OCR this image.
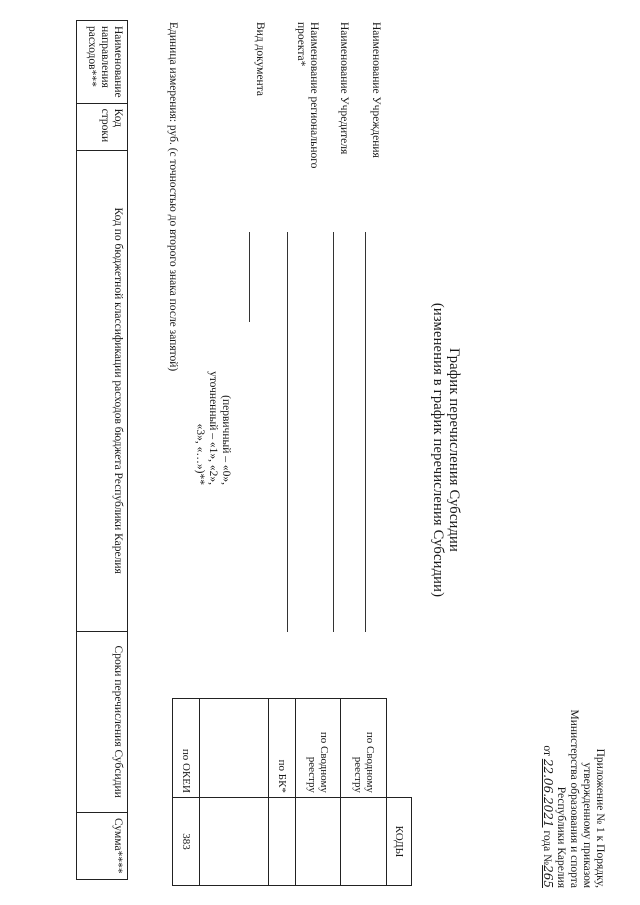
Приложение № 1 к Порядку,
утвержденному приказом
Министерства образования и спорта
Республики Карелия
от 22.06.2021 года №265
График перечисления Субсидии
(изменения в график перечисления Субсидии)
	КОДЫ
по Сводному реестру	
по Сводному реестру	
по БК*	

по ОКЕИ	383
Наименование Учреждения
Наименование Учредителя
Наименование регионального проекта*
Вид документа
(первичный – «0»,
уточненный – «1», «2»,
«3», «…»)**
Единица измерения: руб. (с точностью до второго знака после запятой)
Наименование направления расходов***	Код строки	Код по бюджетной классификации расходов бюджета Республики Карелия	Сроки перечисления Субсидии	Сумма****
